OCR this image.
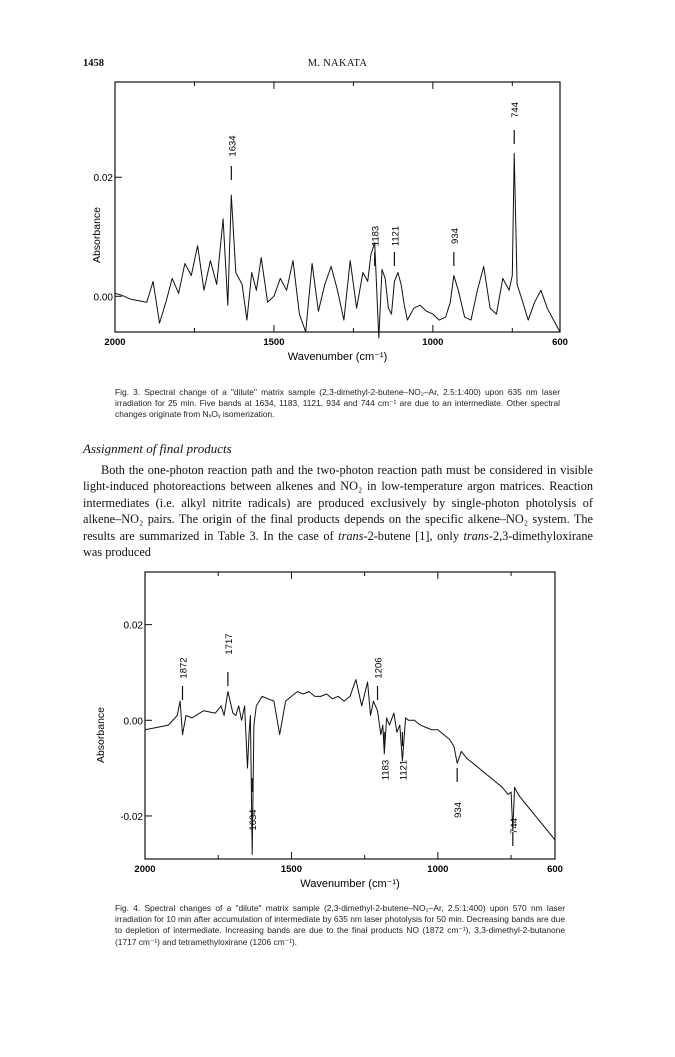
1458	M. NAKATA
2000	1500	1000	600
0.00
0.02
Wavenumber (cm⁻¹)
Absorbance
1634
1183 1121	934
744
Fig. 3. Spectral change of a "dilute" matrix sample (2,3-dimethyl-2-butene–NO₂–Ar, 2.5:1:400) upon 635 nm laser irradiation for 25 min. Five bands at 1634, 1183, 1121, 934 and 744 cm⁻¹ are due to an intermediate. Other spectral changes originate from NₓOᵧ isomerization.
Assignment of final products
Both the one-photon reaction path and the two-photon reaction path must be considered in visible light-induced photoreactions between alkenes and NO₂ in low-temperature argon matrices. Reaction intermediates (i.e. alkyl nitrite radicals) are produced exclusively by single-photon photolysis of alkene–NO₂ pairs. The origin of the final products depends on the specific alkene–NO₂ system. The results are summarized in Table 3. In the case of trans-2-butene [1], only trans-2,3-dimethyloxirane was produced
2000	1500	1000	600
0.02
0.00
-0.02
Wavenumber (cm⁻¹)
Absorbance
1872
1717
1206
1634
1183 1121
934
744
Fig. 4. Spectral changes of a "dilute" matrix sample (2,3-dimethyl-2-butene–NO₂–Ar, 2.5:1:400) upon 570 nm laser irradiation for 10 min after accumulation of intermediate by 635 nm laser photolysis for 50 min. Decreasing bands are due to depletion of intermediate. Increasing bands are due to the final products NO (1872 cm⁻¹), 3,3-dimethyl-2-butanone (1717 cm⁻¹) and tetramethyloxirane (1206 cm⁻¹).
